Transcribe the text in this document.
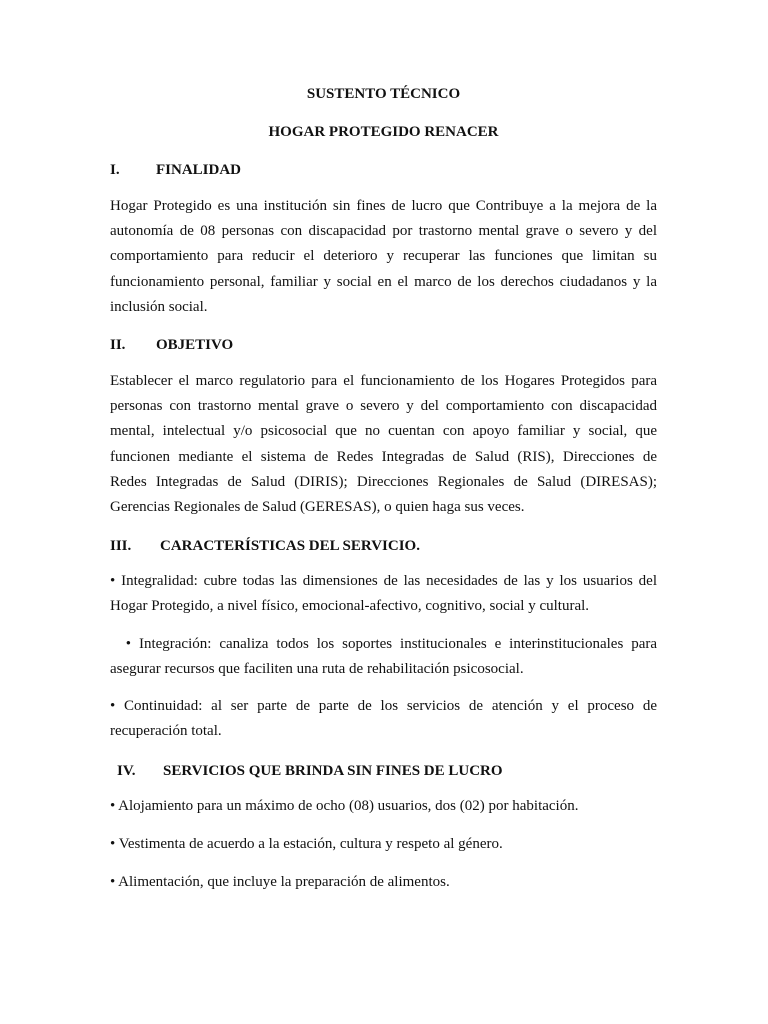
SUSTENTO TÉCNICO

HOGAR PROTEGIDO RENACER

I. FINALIDAD

Hogar Protegido es una institución sin fines de lucro que Contribuye a la mejora de la
autonomía de 08 personas con discapacidad por trastorno mental grave o severo y del
comportamiento para reducir el deterioro y recuperar las funciones que limitan su
funcionamiento personal, familiar y social en el marco de los derechos ciudadanos y la
inclusión social.

II. OBJETIVO

Establecer el marco regulatorio para el funcionamiento de los Hogares Protegidos para
personas con trastorno mental grave o severo y del comportamiento con discapacidad
mental, intelectual y/o psicosocial que no cuentan con apoyo familiar y social, que
funcionen mediante el sistema de Redes Integradas de Salud (RIS), Direcciones de
Redes Integradas de Salud (DIRIS); Direcciones Regionales de Salud (DIRESAS);
Gerencias Regionales de Salud (GERESAS), o quien haga sus veces.

III. CARACTERÍSTICAS DEL SERVICIO.

• Integralidad: cubre todas las dimensiones de las necesidades de las y los usuarios del
Hogar Protegido, a nivel físico, emocional-afectivo, cognitivo, social y cultural.
• Integración: canaliza todos los soportes institucionales e interinstitucionales para
asegurar recursos que faciliten una ruta de rehabilitación psicosocial.
• Continuidad: al ser parte de parte de los servicios de atención y el proceso de
recuperación total.

IV. SERVICIOS QUE BRINDA SIN FINES DE LUCRO

• Alojamiento para un máximo de ocho (08) usuarios, dos (02) por habitación.
• Vestimenta de acuerdo a la estación, cultura y respeto al género.
• Alimentación, que incluye la preparación de alimentos.
